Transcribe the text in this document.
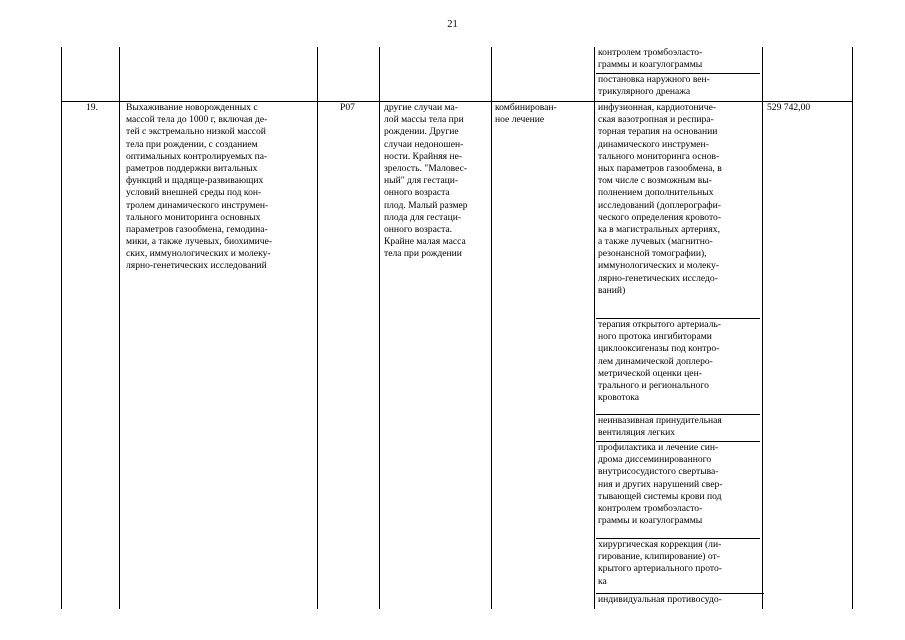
21
контролем тромбоэласто-
граммы и коагулограммы
постановка наружного вен-
трикулярного дренажа
19.	Выхаживание новорожденных с
массой тела до 1000 г, включая де-
тей с экстремально низкой массой
тела при рождении, с созданием
оптимальных контролируемых па-
раметров поддержки витальных
функций и щадяще-развивающих
условий внешней среды под кон-
тролем динамического инструмен-
тального мониторинга основных
параметров газообмена, гемодина-
мики, а также лучевых, биохимиче-
ских, иммунологических и молеку-
лярно-генетических исследований
P07	другие случаи ма-
лой массы тела при
рождении. Другие
случаи недоношен-
ности. Крайняя не-
зрелость. "Маловес-
ный" для гестаци-
онного возраста
плод. Малый размер
плода для гестаци-
онного возраста.
Крайне малая масса
тела при рождении
комбинирован-
ное лечение
529 742,00
инфузионная, кардиотониче-
ская вазотропная и респира-
торная терапия на основании
динамического инструмен-
тального мониторинга основ-
ных параметров газообмена, в
том числе с возможным вы-
полнением дополнительных
исследований (доплерографи-
ческого определения кровото-
ка в магистральных артериях,
а также лучевых (магнитно-
резонансной томографии),
иммунологических и молеку-
лярно-генетических исследо-
ваний)
терапия открытого артериаль-
ного протока ингибиторами
циклооксигеназы под контро-
лем динамической доплеро-
метрической оценки цен-
трального и регионального
кровотока
неинвазивная принудительная
вентиляция легких
профилактика и лечение син-
дрома диссеминированного
внутрисосудистого свертыва-
ния и других нарушений свер-
тывающей системы крови под
контролем тромбоэласто-
граммы и коагулограммы
хирургическая коррекция (ли-
гирование, клипирование) от-
крытого артериального прото-
ка
индивидуальная противосудо-
